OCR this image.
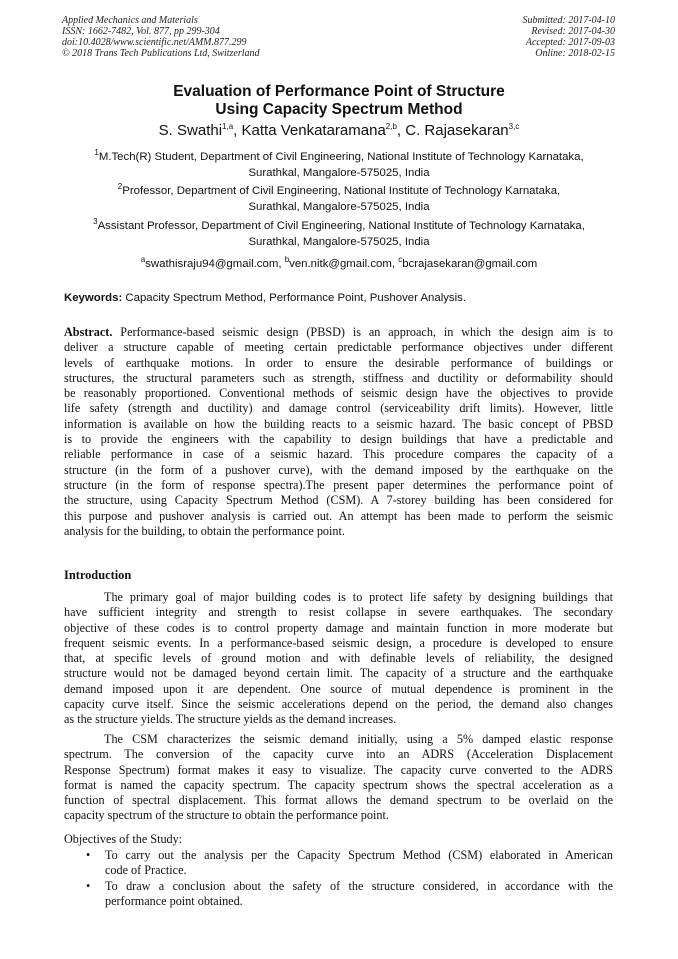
Applied Mechanics and Materials
ISSN: 1662-7482, Vol. 877, pp 299-304
doi:10.4028/www.scientific.net/AMM.877.299
© 2018 Trans Tech Publications Ltd, Switzerland
Submitted: 2017-04-10
Revised: 2017-04-30
Accepted: 2017-09-03
Online: 2018-02-15
Evaluation of Performance Point of Structure
Using Capacity Spectrum Method
S. Swathi$^{1,a}$, Katta Venkataramana$^{2,b}$, C. Rajasekaran$^{3,c}$
$^1$M.Tech(R) Student, Department of Civil Engineering, National Institute of Technology Karnataka,
Surathkal, Mangalore-575025, India
$^2$Professor, Department of Civil Engineering, National Institute of Technology Karnataka,
Surathkal, Mangalore-575025, India
$^3$Assistant Professor, Department of Civil Engineering, National Institute of Technology Karnataka,
Surathkal, Mangalore-575025, India
$^a$swathisraju94@gmail.com, $^b$ven.nitk@gmail.com, $^c$bcrajasekaran@gmail.com
Keywords: Capacity Spectrum Method, Performance Point, Pushover Analysis.
Abstract. Performance-based seismic design (PBSD) is an approach, in which the design aim is to
deliver a structure capable of meeting certain predictable performance objectives under different
levels of earthquake motions. In order to ensure the desirable performance of buildings or
structures, the structural parameters such as strength, stiffness and ductility or deformability should
be reasonably proportioned. Conventional methods of seismic design have the objectives to provide
life safety (strength and ductility) and damage control (serviceability drift limits). However, little
information is available on how the building reacts to a seismic hazard. The basic concept of PBSD
is to provide the engineers with the capability to design buildings that have a predictable and
reliable performance in case of a seismic hazard. This procedure compares the capacity of a
structure (in the form of a pushover curve), with the demand imposed by the earthquake on the
structure (in the form of response spectra).The present paper determines the performance point of
the structure, using Capacity Spectrum Method (CSM). A 7-storey building has been considered for
this purpose and pushover analysis is carried out. An attempt has been made to perform the seismic
analysis for the building, to obtain the performance point.
Introduction
The primary goal of major building codes is to protect life safety by designing buildings that
have sufficient integrity and strength to resist collapse in severe earthquakes. The secondary
objective of these codes is to control property damage and maintain function in more moderate but
frequent seismic events. In a performance-based seismic design, a procedure is developed to ensure
that, at specific levels of ground motion and with definable levels of reliability, the designed
structure would not be damaged beyond certain limit. The capacity of a structure and the earthquake
demand imposed upon it are dependent. One source of mutual dependence is prominent in the
capacity curve itself. Since the seismic accelerations depend on the period, the demand also changes
as the structure yields. The structure yields as the demand increases.
The CSM characterizes the seismic demand initially, using a 5% damped elastic response
spectrum. The conversion of the capacity curve into an ADRS (Acceleration Displacement
Response Spectrum) format makes it easy to visualize. The capacity curve converted to the ADRS
format is named the capacity spectrum. The capacity spectrum shows the spectral acceleration as a
function of spectral displacement. This format allows the demand spectrum to be overlaid on the
capacity spectrum of the structure to obtain the performance point.
Objectives of the Study:
• To carry out the analysis per the Capacity Spectrum Method (CSM) elaborated in American
code of Practice.
• To draw a conclusion about the safety of the structure considered, in accordance with the
performance point obtained.
